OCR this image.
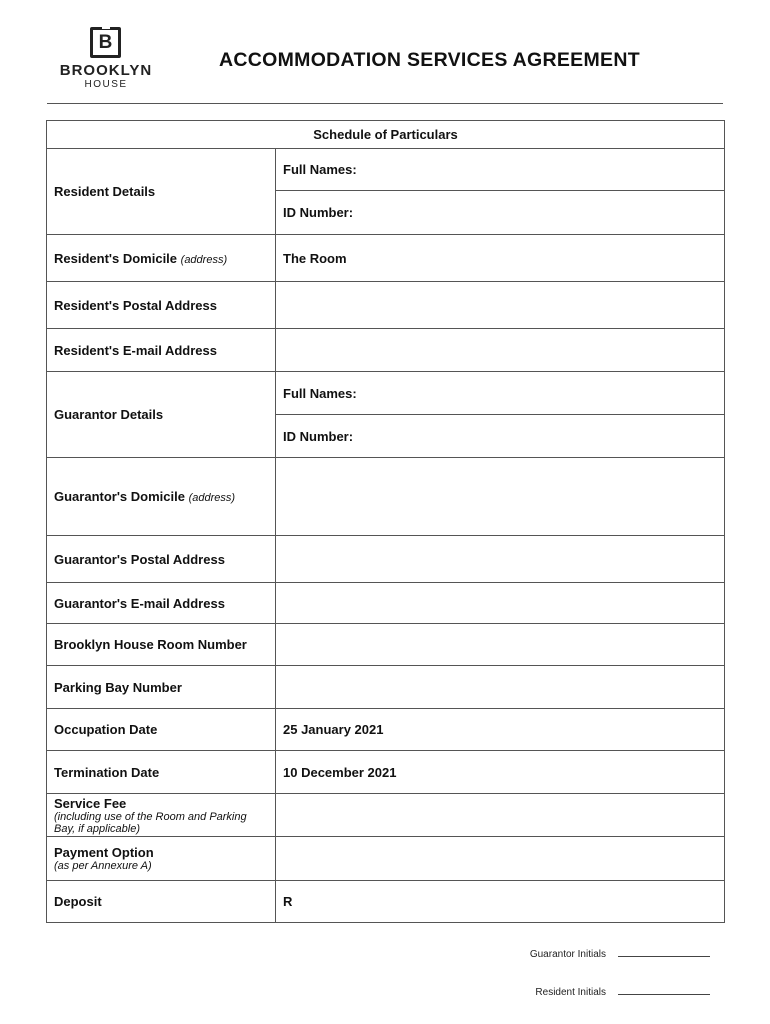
B
BROOKLYN
HOUSE
ACCOMMODATION SERVICES AGREEMENT
Schedule of Particulars	
Resident Details	Full Names:
	ID Number:
Resident's Domicile (address)	The Room
Resident's Postal Address	
Resident's E-mail Address	
Guarantor Details	Full Names:
	ID Number:
Guarantor's Domicile (address)	
Guarantor's Postal Address	
Guarantor's E-mail Address	
Brooklyn House Room Number	
Parking Bay Number	
Occupation Date	25 January 2021
Termination Date	10 December 2021
Service Fee
(including use of the Room and Parking Bay, if applicable)	

Payment Option
(as per Annexure A)	

Deposit	R
Guarantor Initials
Resident Initials
